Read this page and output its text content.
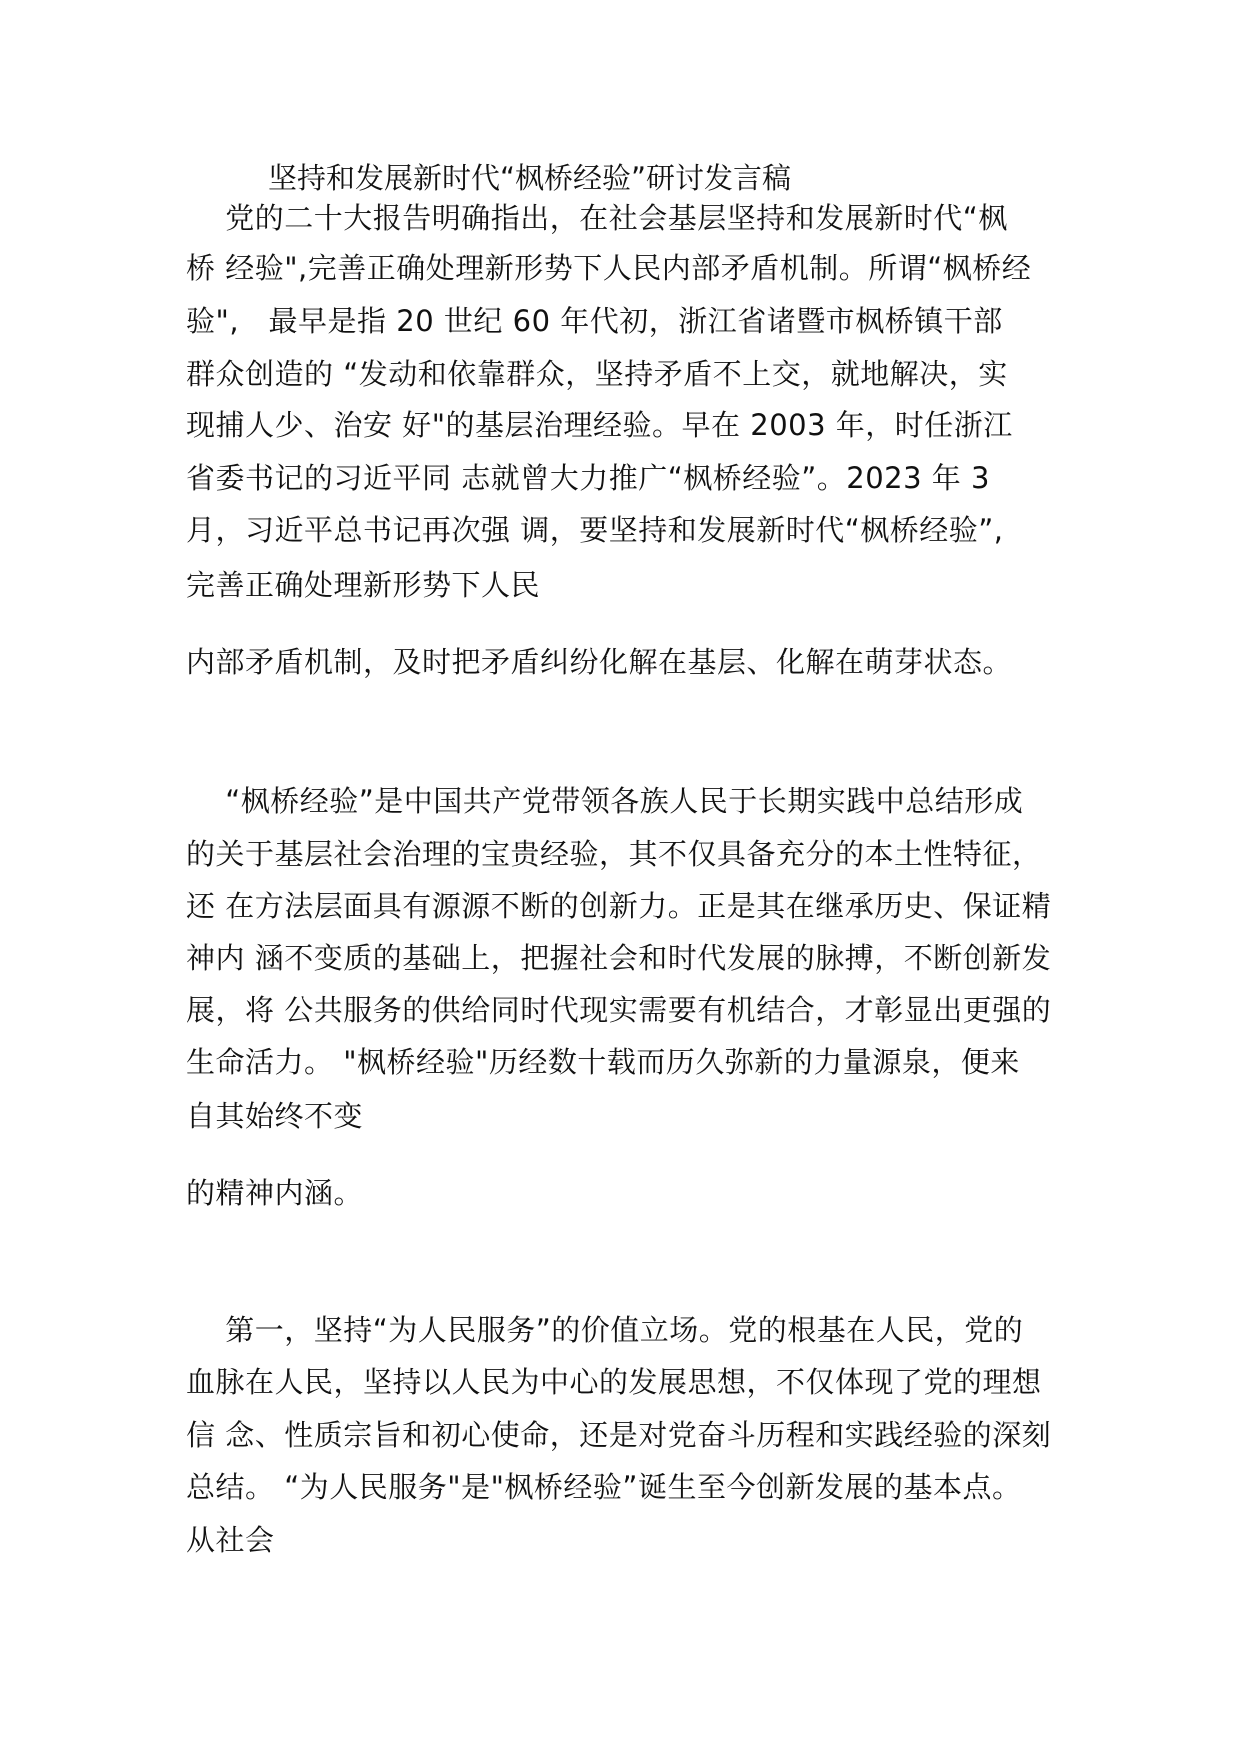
坚持和发展新时代“枫桥经验”研讨发言稿
　 党的二十大报告明确指出，在社会基层坚持和发展新时代“枫
桥 经验",完善正确处理新形势下人民内部矛盾机制。所谓“枫桥经
验",　最早是指 20 世纪 60 年代初，浙江省诸暨市枫桥镇干部
群众创造的 “发动和依靠群众，坚持矛盾不上交，就地解决，实
现捕人少、治安 好"的基层治理经验。早在 2003 年，时任浙江
省委书记的习近平同 志就曾大力推广“枫桥经验”。2023 年 3
月，习近平总书记再次强 调，要坚持和发展新时代“枫桥经验”,
完善正确处理新形势下人民
内部矛盾机制，及时把矛盾纠纷化解在基层、化解在萌芽状态。
　 “枫桥经验”是中国共产党带领各族人民于长期实践中总结形成
的关于基层社会治理的宝贵经验，其不仅具备充分的本土性特征，
还 在方法层面具有源源不断的创新力。正是其在继承历史、保证精
神内 涵不变质的基础上，把握社会和时代发展的脉搏，不断创新发
展，将 公共服务的供给同时代现实需要有机结合，才彰显出更强的
生命活力。 "枫桥经验"历经数十载而历久弥新的力量源泉，便来
自其始终不变
的精神内涵。
　 第一，坚持“为人民服务”的价值立场。党的根基在人民，党的
血脉在人民，坚持以人民为中心的发展思想，不仅体现了党的理想
信 念、性质宗旨和初心使命，还是对党奋斗历程和实践经验的深刻
总结。 “为人民服务"是"枫桥经验”诞生至今创新发展的基本点。
从社会
